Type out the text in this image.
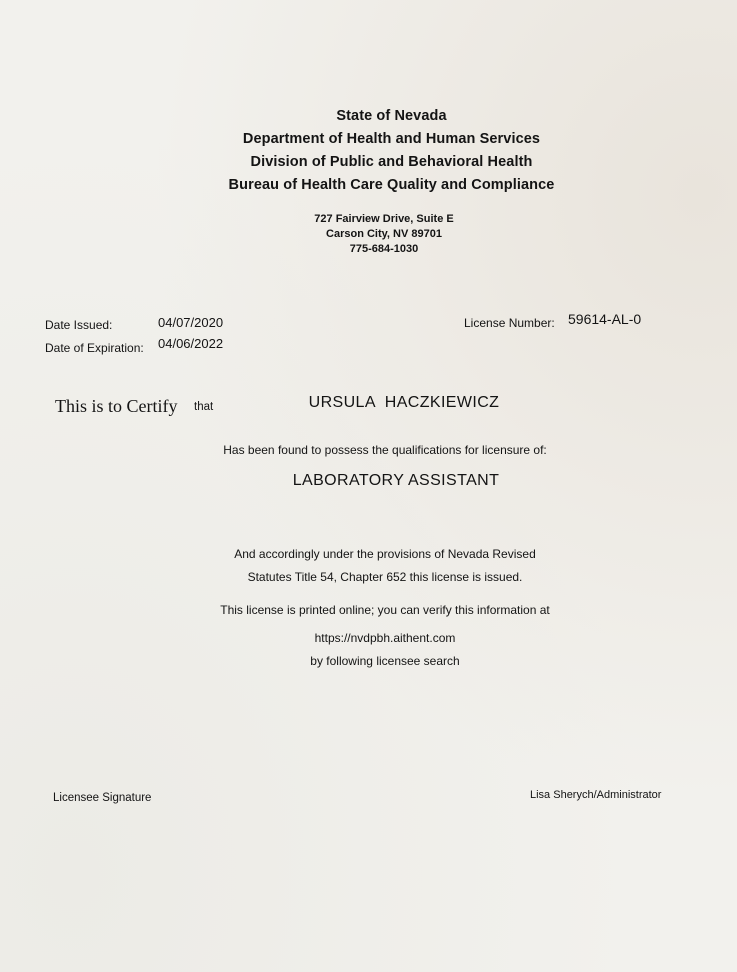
State of Nevada
Department of Health and Human Services
Division of Public and Behavioral Health
Bureau of Health Care Quality and Compliance
727 Fairview Drive, Suite E
Carson City, NV 89701
775-684-1030
Date Issued:	04/07/2020
Date of Expiration: 04/06/2022
License Number: 59614-AL-0
This is to Certify that	URSULA  HACZKIEWICZ
Has been found to possess the qualifications for licensure of:
LABORATORY ASSISTANT
And accordingly under the provisions of Nevada Revised
Statutes Title 54, Chapter 652 this license is issued.
This license is printed online; you can verify this information at
https://nvdpbh.aithent.com
by following licensee search
Licensee Signature	Lisa Sherych/Administrator
